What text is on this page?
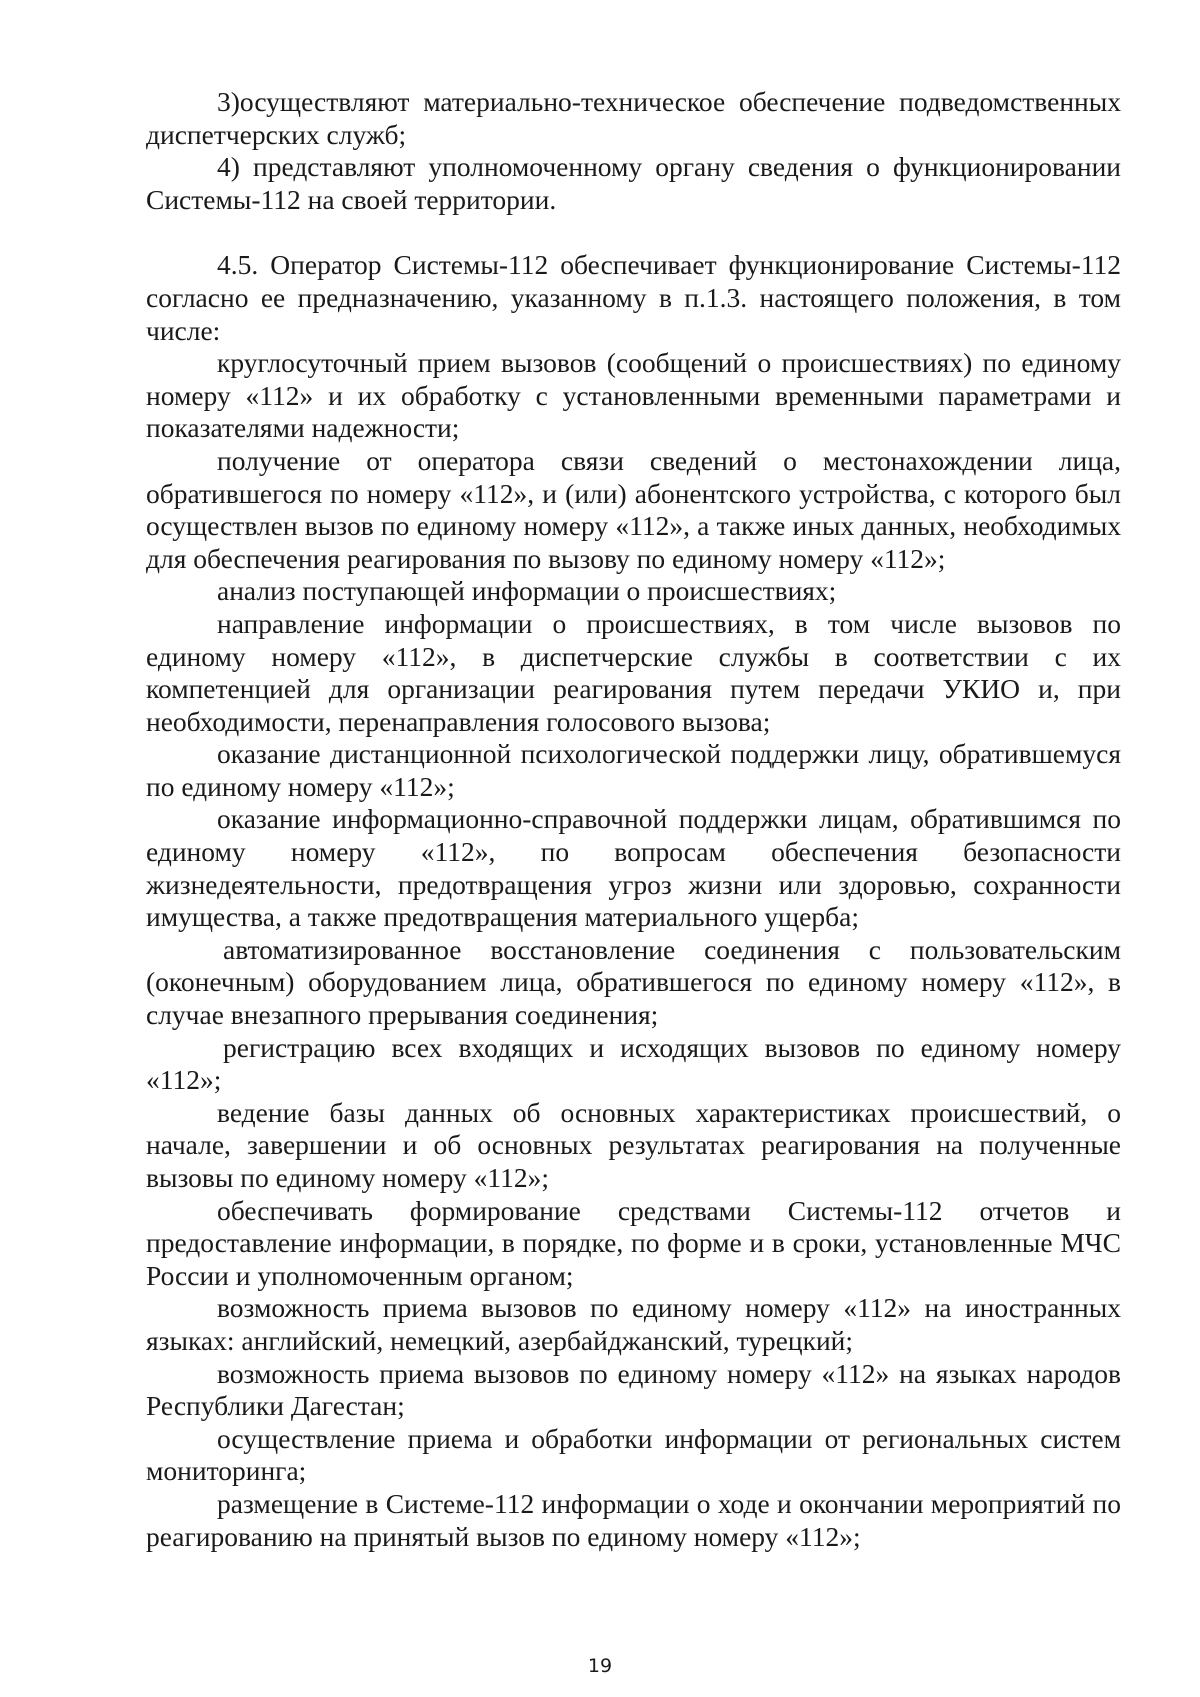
3)осуществляют материально-техническое обеспечение подведомственных диспетчерских служб;

4) представляют уполномоченному органу сведения о функционировании Системы-112 на своей территории.

4.5. Оператор Системы-112 обеспечивает функционирование Системы-112 согласно ее предназначению, указанному в п.1.3. настоящего положения, в том числе:

круглосуточный прием вызовов (сообщений о происшествиях) по единому номеру «112» и их обработку с установленными временными параметрами и показателями надежности;

получение от оператора связи сведений о местонахождении лица, обратившегося по номеру «112», и (или) абонентского устройства, с которого был осуществлен вызов по единому номеру «112», а также иных данных, необходимых для обеспечения реагирования по вызову по единому номеру «112»;

анализ поступающей информации о происшествиях;

направление информации о происшествиях, в том числе вызовов по единому номеру «112», в диспетчерские службы в соответствии с их компетенцией для организации реагирования путем передачи УКИО и, при необходимости, перенаправления голосового вызова;

оказание дистанционной психологической поддержки лицу, обратившемуся по единому номеру «112»;

оказание информационно-справочной поддержки лицам, обратившимся по единому номеру «112», по вопросам обеспечения безопасности жизнедеятельности, предотвращения угроз жизни или здоровью, сохранности имущества, а также предотвращения материального ущерба;

автоматизированное восстановление соединения с пользовательским (оконечным) оборудованием лица, обратившегося по единому номеру «112», в случае внезапного прерывания соединения;

регистрацию всех входящих и исходящих вызовов по единому номеру «112»;

ведение базы данных об основных характеристиках происшествий, о начале, завершении и об основных результатах реагирования на полученные вызовы по единому номеру «112»;

обеспечивать формирование средствами Системы-112 отчетов и предоставление информации, в порядке, по форме и в сроки, установленные МЧС России и уполномоченным органом;

возможность приема вызовов по единому номеру «112» на иностранных языках: английский, немецкий, азербайджанский, турецкий;

возможность приема вызовов по единому номеру «112» на языках народов Республики Дагестан;

осуществление приема и обработки информации от региональных систем мониторинга;

размещение в Системе-112 информации о ходе и окончании мероприятий по реагированию на принятый вызов по единому номеру «112»;

19
